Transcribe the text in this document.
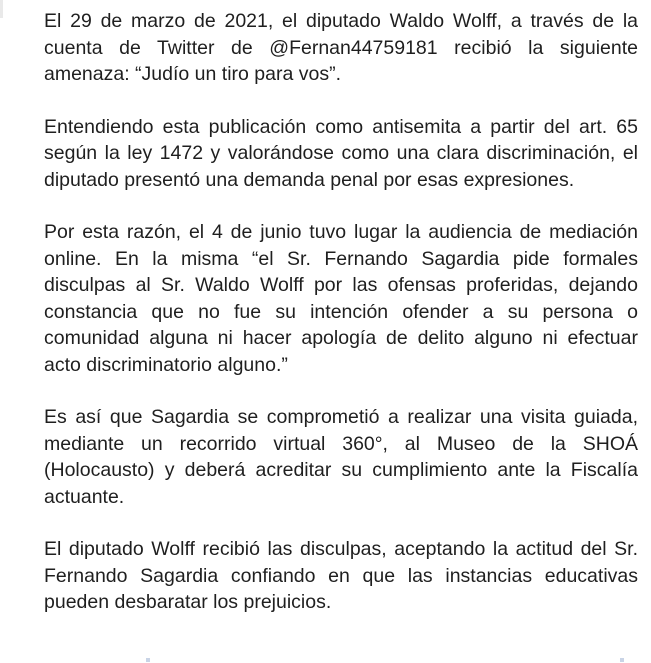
El 29 de marzo de 2021, el diputado Waldo Wolff, a través de la cuenta de Twitter de @Fernan44759181 recibió la siguiente amenaza: “Judío un tiro para vos”.

Entendiendo esta publicación como antisemita a partir del art. 65 según la ley 1472 y valorándose como una clara discriminación, el diputado presentó una demanda penal por esas expresiones.

Por esta razón, el 4 de junio tuvo lugar la audiencia de mediación online. En la misma “el Sr. Fernando Sagardia pide formales disculpas al Sr. Waldo Wolff por las ofensas proferidas, dejando constancia que no fue su intención ofender a su persona o comunidad alguna ni hacer apología de delito alguno ni efectuar acto discriminatorio alguno.”

Es así que Sagardia se comprometió a realizar una visita guiada, mediante un recorrido virtual 360°, al Museo de la SHOÁ (Holocausto) y deberá acreditar su cumplimiento ante la Fiscalía actuante.

El diputado Wolff recibió las disculpas, aceptando la actitud del Sr. Fernando Sagardia confiando en que las instancias educativas pueden desbaratar los prejuicios.
